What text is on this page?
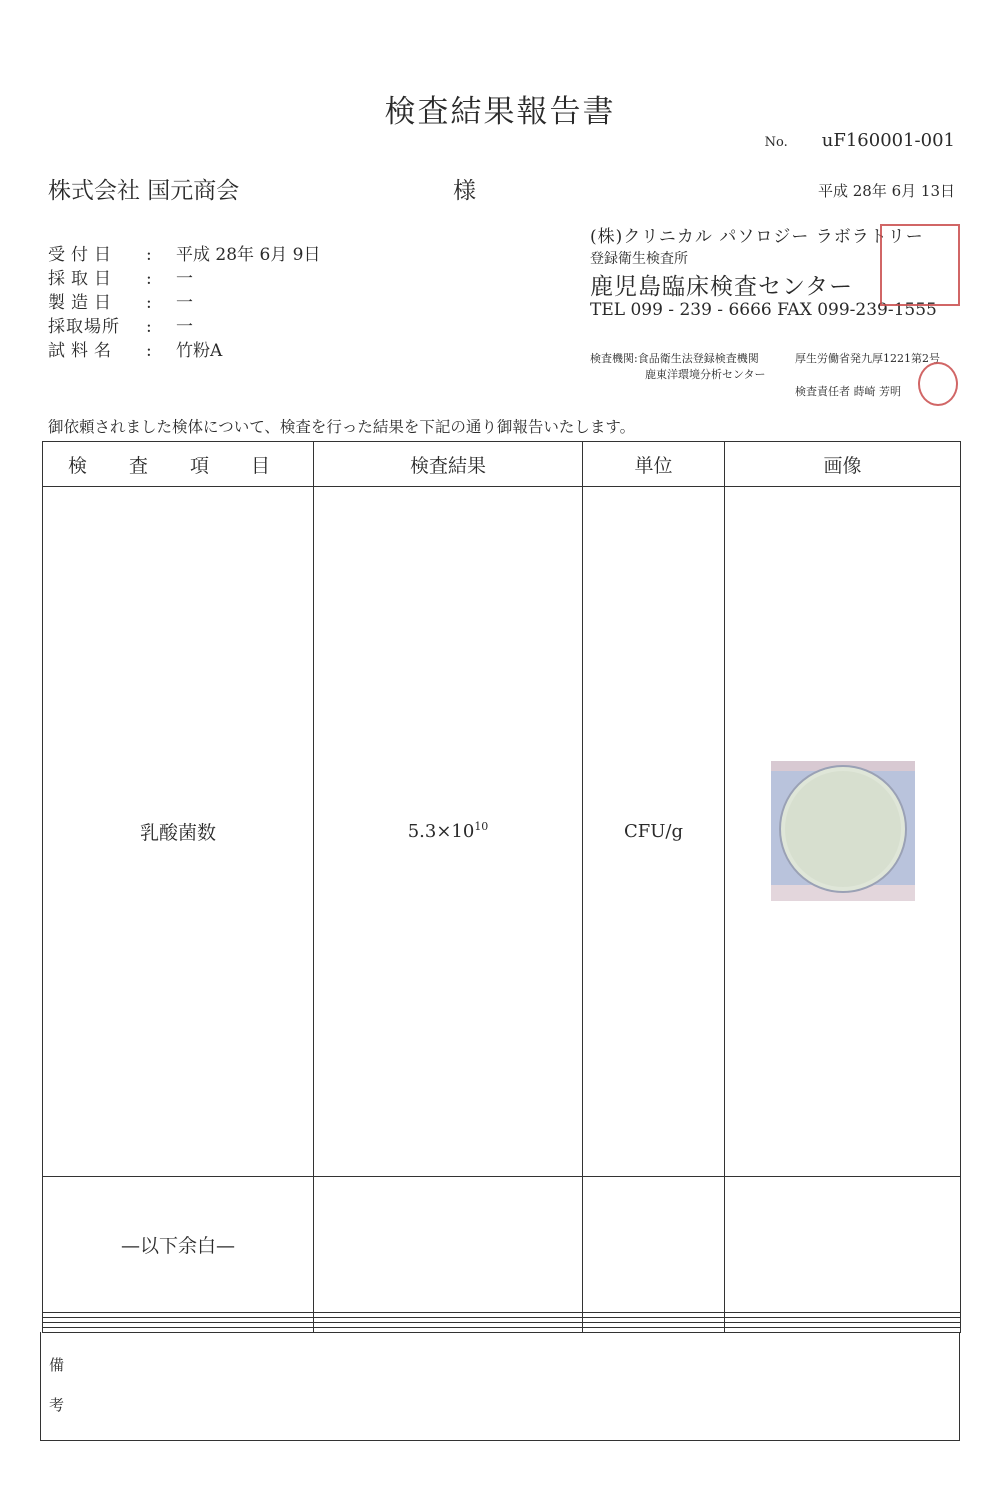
検査結果報告書
No. uF160001-001
株式会社 国元商会	様	平成 28年 6月 13日
受付日 : 平成 28年 6月 9日
採取日 : 一
製造日 : 一
採取場所 : 一
試料名 : 竹粉A
(株)クリニカル パソロジー ラボラトリー
登録衛生検査所
鹿児島臨床検査センター
TEL 099 - 239 - 6666 FAX 099-239-1555
検査機関:食品衛生法登録検査機関
鹿東洋環境分析センター
厚生労働省発九厚1221第2号
検査責任者 蒔崎 芳明
御依頼されました検体について、検査を行った結果を下記の通り御報告いたします。
検 査 項 目	検査結果	単位	画像
乳酸菌数	$5.3\times 10^{10}$	CFU/g	

—以下余白—			

備
考
